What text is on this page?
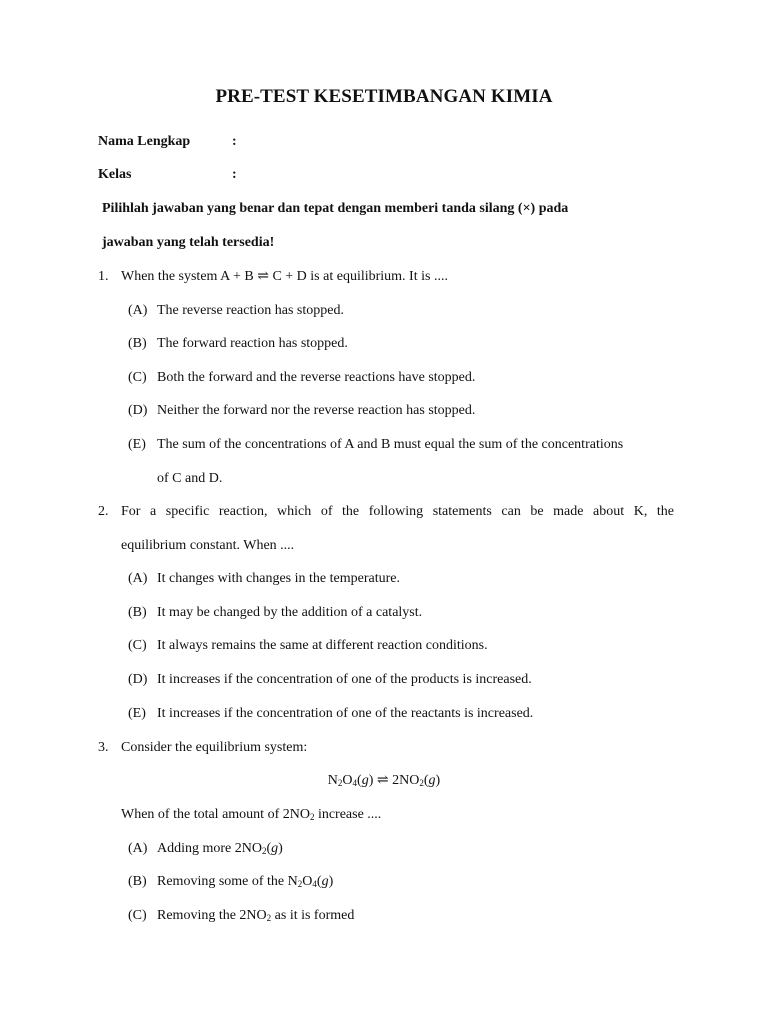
PRE-TEST KESETIMBANGAN KIMIA
Nama Lengkap	:
Kelas	:
Pilihlah jawaban yang benar dan tepat dengan memberi tanda silang (×) pada
jawaban yang telah tersedia!
1. When the system A + B ⇌ C + D is at equilibrium. It is ....
(A) The reverse reaction has stopped.
(B) The forward reaction has stopped.
(C) Both the forward and the reverse reactions have stopped.
(D) Neither the forward nor the reverse reaction has stopped.
(E) The sum of the concentrations of A and B must equal the sum of the concentrations
of C and D.
2. For a specific reaction, which of the following statements can be made about K, the
equilibrium constant. When ....
(A) It changes with changes in the temperature.
(B) It may be changed by the addition of a catalyst.
(C) It always remains the same at different reaction conditions.
(D) It increases if the concentration of one of the products is increased.
(E) It increases if the concentration of one of the reactants is increased.
3. Consider the equilibrium system:
$N_2O_4(g)$ ⇌ $2NO_2(g)$
When of the total amount of $2NO_2$ increase ....
(A) Adding more $2NO_2(g)$
(B) Removing some of the $N_2O_4(g)$
(C) Removing the $2NO_2$ as it is formed
